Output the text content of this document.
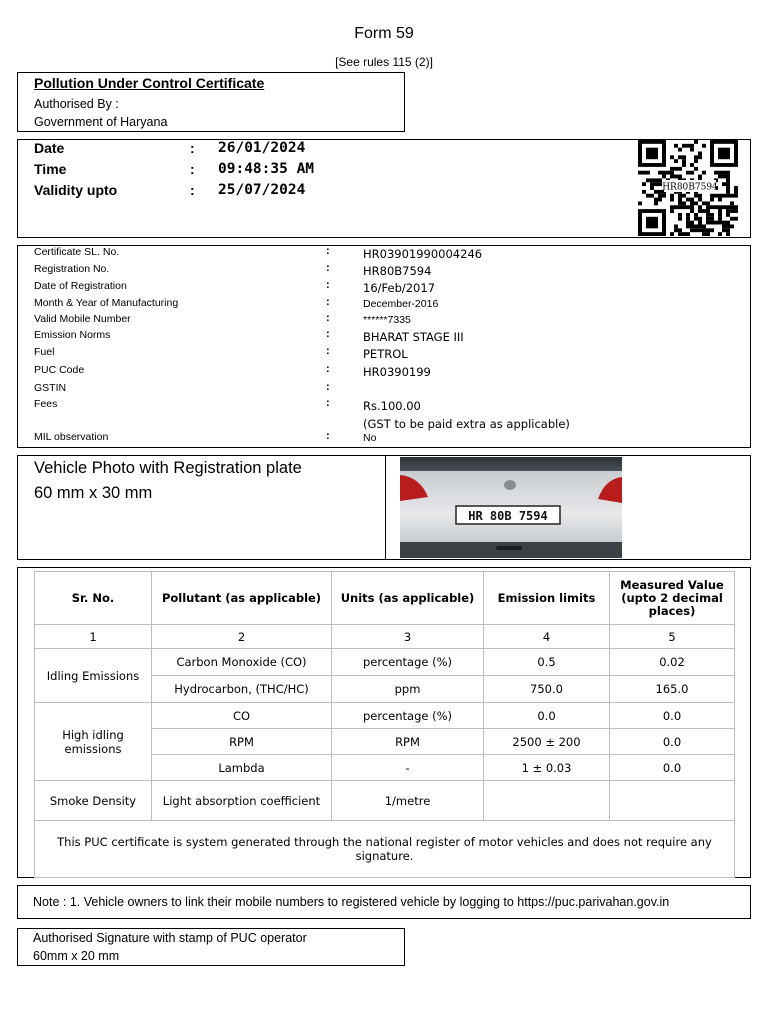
Form 59
[See rules 115 (2)]
Pollution Under Control Certificate
Authorised By :
Government of Haryana
Date	: 26/01/2024
Time	: 09:48:35 AM
Validity upto	: 25/07/2024	HR80B7594
Certificate SL. No.	:	HR03901990004246
Registration No.	:	HR80B7594
Date of Registration	:	16/Feb/2017
Month & Year of Manufacturing	:	December-2016
Valid Mobile Number	:	******7335
Emission Norms	:	BHARAT STAGE III
Fuel	:	PETROL
PUC Code	:	HR0390199
GSTIN	:
Fees	:	Rs.100.00
(GST to be paid extra as applicable)
MIL observation	:	No
Vehicle Photo with Registration plate
60 mm x 30 mm
HR 80B 7594
Sr. No.	Pollutant (as applicable)	Units (as applicable)	Emission limits	Measured Value (upto 2 decimal places)
1	2	3	4	5
Idling Emissions	Carbon Monoxide (CO)	percentage (%)	0.5	0.02
	Hydrocarbon, (THC/HC)	ppm	750.0	165.0
High idling emissions	CO	percentage (%)	0.0	0.0
	RPM	RPM	2500 ± 200	0.0
	Lambda	-	1 ± 0.03	0.0
Smoke Density	Light absorption coefficient	1/metre		
This PUC certificate is system generated through the national register of motor vehicles and does not require any signature.				
Note : 1. Vehicle owners to link their mobile numbers to registered vehicle by logging to https://puc.parivahan.gov.in
Authorised Signature with stamp of PUC operator
60mm x 20 mm
